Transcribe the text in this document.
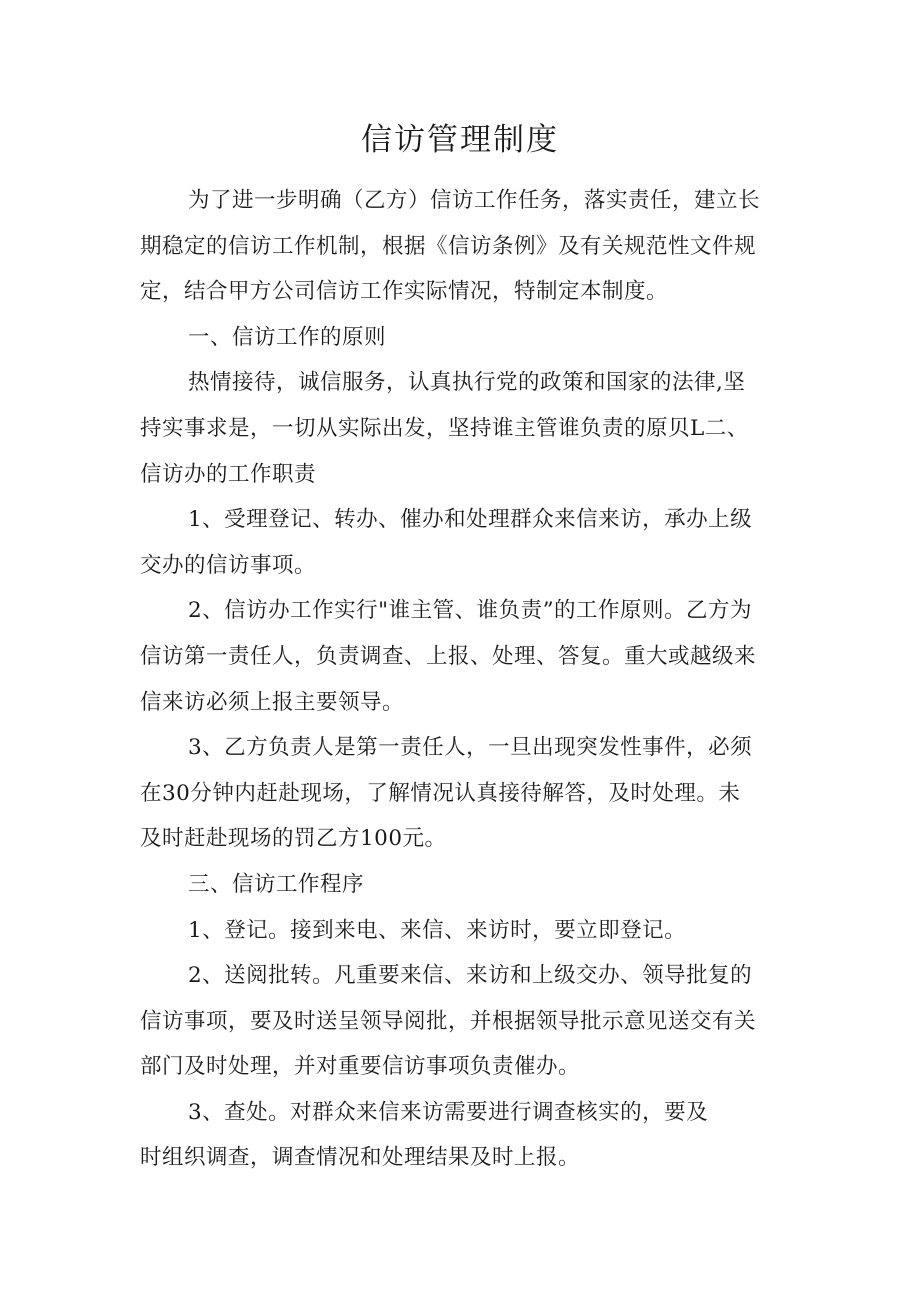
信访管理制度
为了进一步明确（乙方）信访工作任务，落实责任，建立长
期稳定的信访工作机制，根据《信访条例》及有关规范性文件规
定，结合甲方公司信访工作实际情况，特制定本制度。
一、信访工作的原则
热情接待，诚信服务，认真执行党的政策和国家的法律,坚
持实事求是，一切从实际出发，坚持谁主管谁负责的原贝L二、
信访办的工作职责
1、受理登记、转办、催办和处理群众来信来访，承办上级
交办的信访事项。
2、信访办工作实行"谁主管、谁负责”的工作原则。乙方为
信访第一责任人，负责调查、上报、处理、答复。重大或越级来
信来访必须上报主要领导。
3、乙方负责人是第一责任人，一旦出现突发性事件，必须
在30分钟内赶赴现场，了解情况认真接待解答，及时处理。未
及时赶赴现场的罚乙方100元。
三、信访工作程序
1、登记。接到来电、来信、来访时，要立即登记。
2、送阅批转。凡重要来信、来访和上级交办、领导批复的
信访事项，要及时送呈领导阅批，并根据领导批示意见送交有关
部门及时处理，并对重要信访事项负责催办。
3、查处。对群众来信来访需要进行调查核实的，要及
时组织调查，调查情况和处理结果及时上报。
